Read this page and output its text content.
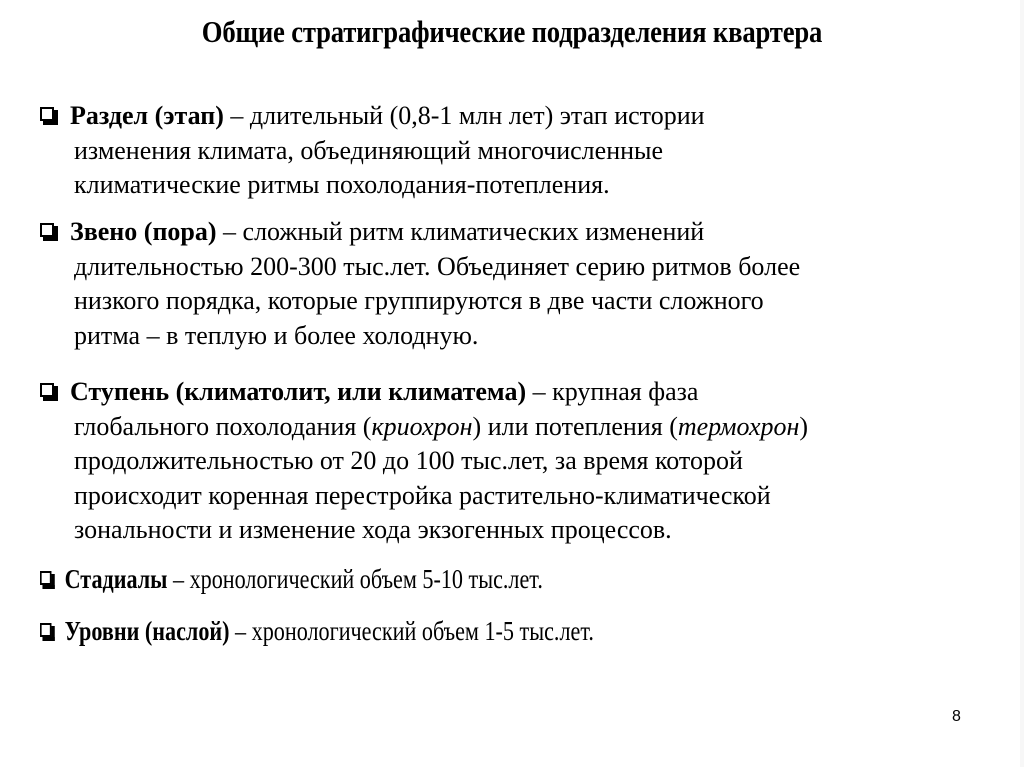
Общие стратиграфические подразделения квартера
Раздел (этап) – длительный (0,8-1 млн лет) этап истории
изменения климата, объединяющий многочисленные
климатические ритмы похолодания-потепления.
Звено (пора) – сложный ритм климатических изменений
длительностью 200-300 тыс.лет. Объединяет серию ритмов более
низкого порядка, которые группируются в две части сложного
ритма – в теплую и более холодную.
Ступень (климатолит, или климатема) – крупная фаза
глобального похолодания (криохрон) или потепления (термохрон)
продолжительностью от 20 до 100 тыс.лет, за время которой
происходит коренная перестройка растительно-климатической
зональности и изменение хода экзогенных процессов.
Стадиалы – хронологический объем 5-10 тыс.лет.
Уровни (наслой) – хронологический объем 1-5 тыс.лет.
8
